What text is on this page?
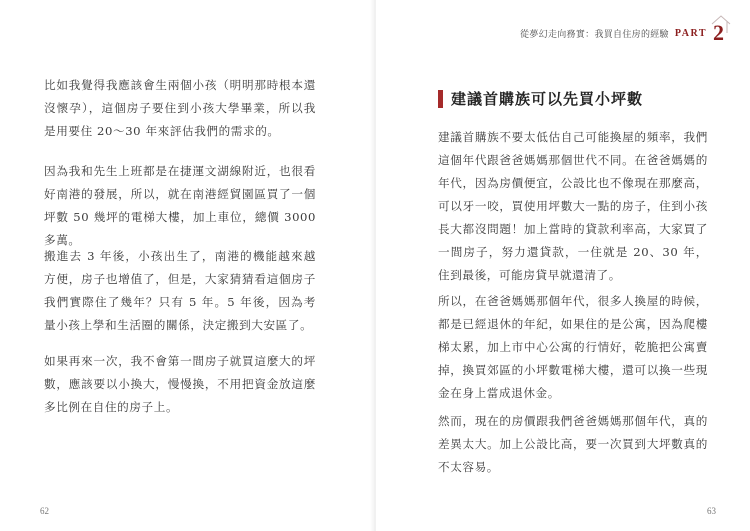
比如我覺得我應該會生兩個小孩（明明那時根本還沒懷孕），這個房子要住到小孩大學畢業，所以我是用要住 20～30 年來評估我們的需求的。

因為我和先生上班都是在捷運文湖線附近，也很看好南港的發展，所以，就在南港經貿園區買了一個坪數 50 幾坪的電梯大樓，加上車位，總價 3000 多萬。

搬進去 3 年後，小孩出生了，南港的機能越來越方便，房子也增值了，但是，大家猜猜看這個房子我們實際住了幾年？只有 5 年。5 年後，因為考量小孩上學和生活圈的關係，決定搬到大安區了。

如果再來一次，我不會第一間房子就買這麼大的坪數，應該要以小換大，慢慢換，不用把資金放這麼多比例在自住的房子上。

62
從夢幻走向務實：我買自住房的經驗 PART 2
建議首購族可以先買小坪數

建議首購族不要太低估自己可能換屋的頻率，我們這個年代跟爸爸媽媽那個世代不同。在爸爸媽媽的年代，因為房價便宜，公設比也不像現在那麼高，可以牙一咬，買使用坪數大一點的房子，住到小孩長大都沒問題！加上當時的貸款利率高，大家買了一間房子，努力還貸款，一住就是 20、30 年，住到最後，可能房貸早就還清了。

所以，在爸爸媽媽那個年代，很多人換屋的時候，都是已經退休的年紀，如果住的是公寓，因為爬樓梯太累，加上市中心公寓的行情好，乾脆把公寓賣掉，換買郊區的小坪數電梯大樓，還可以換一些現金在身上當成退休金。

然而，現在的房價跟我們爸爸媽媽那個年代，真的差異太大。加上公設比高，要一次買到大坪數真的不太容易。

63
